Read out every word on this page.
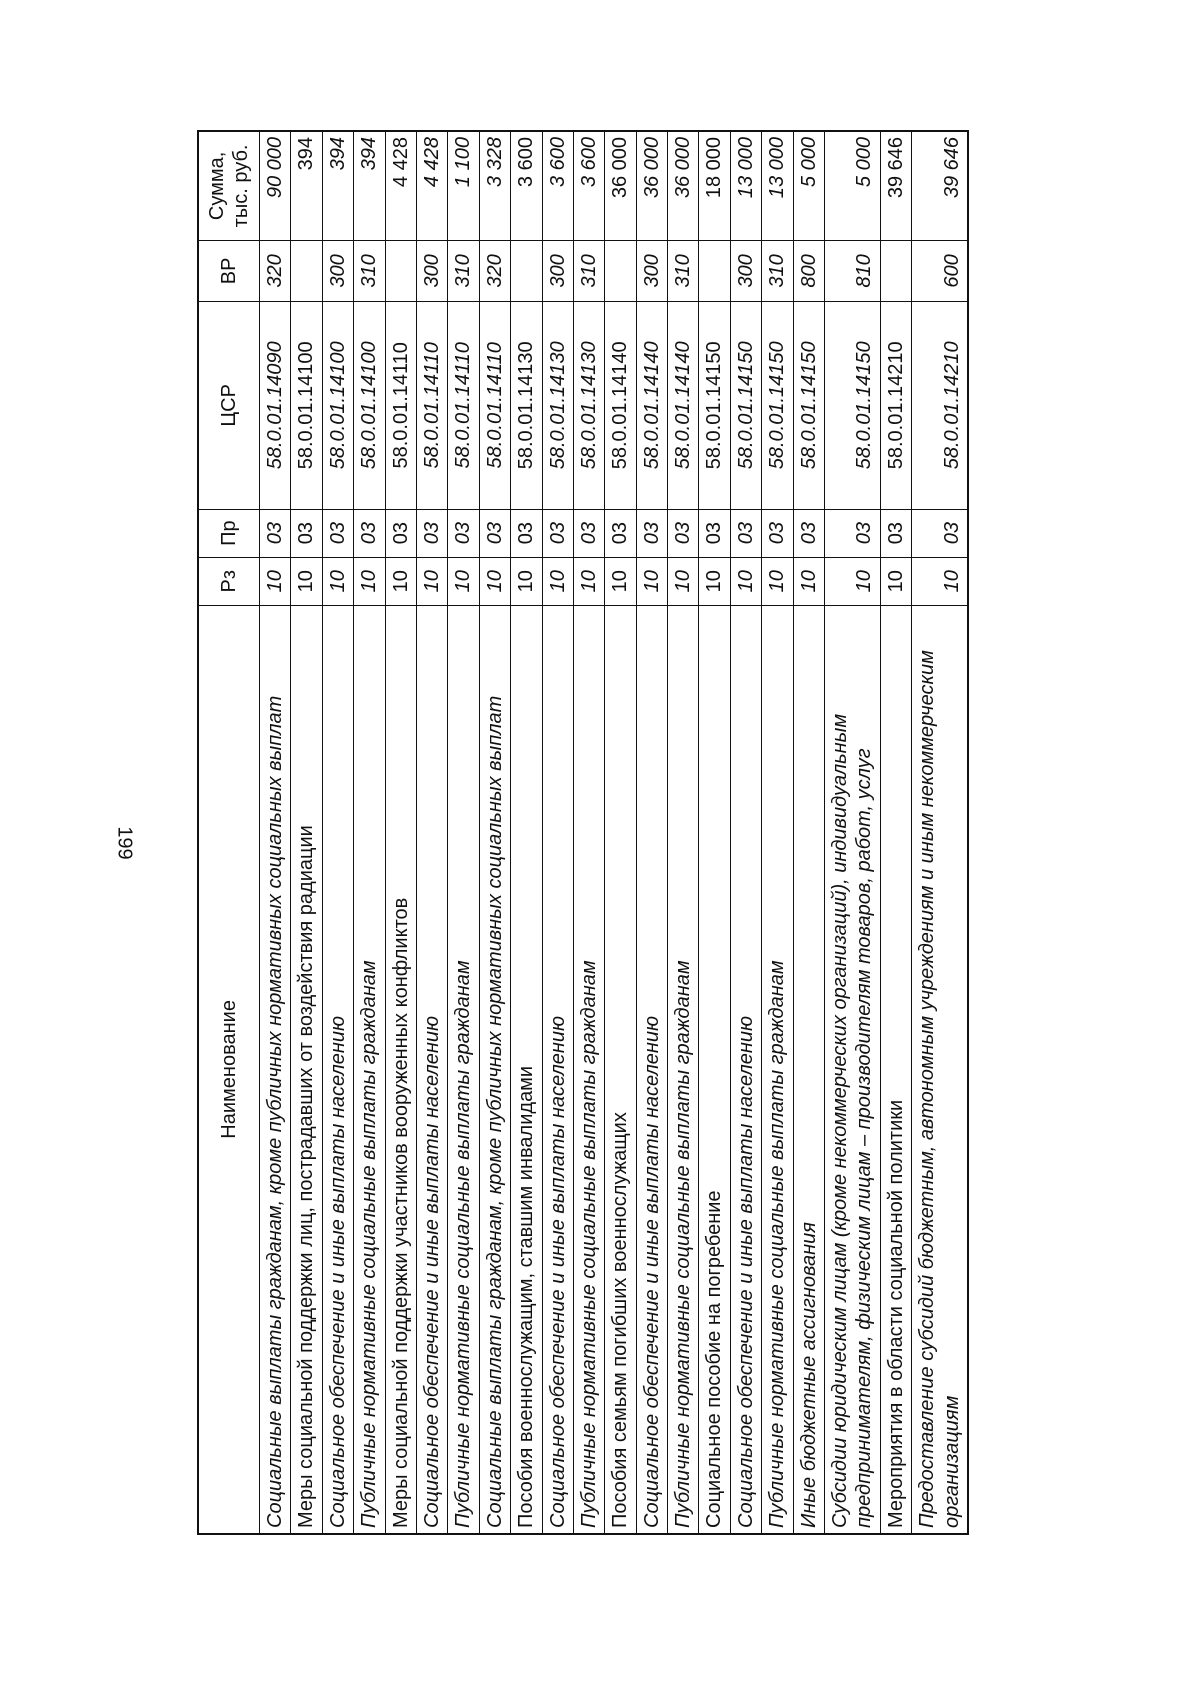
199
Наименование	Рз	Пр	ЦСР	ВР	Сумма, тыс. руб.
Социальные выплаты гражданам, кроме публичных нормативных социальных выплат	10	03	58.0.01.14090	320	90 000
Меры социальной поддержки лиц, пострадавших от воздействия радиации	10	03	58.0.01.14100		394
Социальное обеспечение и иные выплаты населению	10	03	58.0.01.14100	300	394
Публичные нормативные социальные выплаты гражданам	10	03	58.0.01.14100	310	394
Меры социальной поддержки участников вооруженных конфликтов	10	03	58.0.01.14110		4 428
Социальное обеспечение и иные выплаты населению	10	03	58.0.01.14110	300	4 428
Публичные нормативные социальные выплаты гражданам	10	03	58.0.01.14110	310	1 100
Социальные выплаты гражданам, кроме публичных нормативных социальных выплат	10	03	58.0.01.14110	320	3 328
Пособия военнослужащим, ставшим инвалидами	10	03	58.0.01.14130		3 600
Социальное обеспечение и иные выплаты населению	10	03	58.0.01.14130	300	3 600
Публичные нормативные социальные выплаты гражданам	10	03	58.0.01.14130	310	3 600
Пособия семьям погибших военнослужащих	10	03	58.0.01.14140		36 000
Социальное обеспечение и иные выплаты населению	10	03	58.0.01.14140	300	36 000
Публичные нормативные социальные выплаты гражданам	10	03	58.0.01.14140	310	36 000
Социальное пособие на погребение	10	03	58.0.01.14150		18 000
Социальное обеспечение и иные выплаты населению	10	03	58.0.01.14150	300	13 000
Публичные нормативные социальные выплаты гражданам	10	03	58.0.01.14150	310	13 000
Иные бюджетные ассигнования	10	03	58.0.01.14150	800	5 000
Субсидии юридическим лицам (кроме некоммерческих организаций), индивидуальным предпринимателям, физическим лицам – производителям товаров, работ, услуг	10	03	58.0.01.14150	810	5 000
Мероприятия в области социальной политики	10	03	58.0.01.14210		39 646
Предоставление субсидий бюджетным, автономным учреждениям и иным некоммерческим организациям	10	03	58.0.01.14210	600	39 646
